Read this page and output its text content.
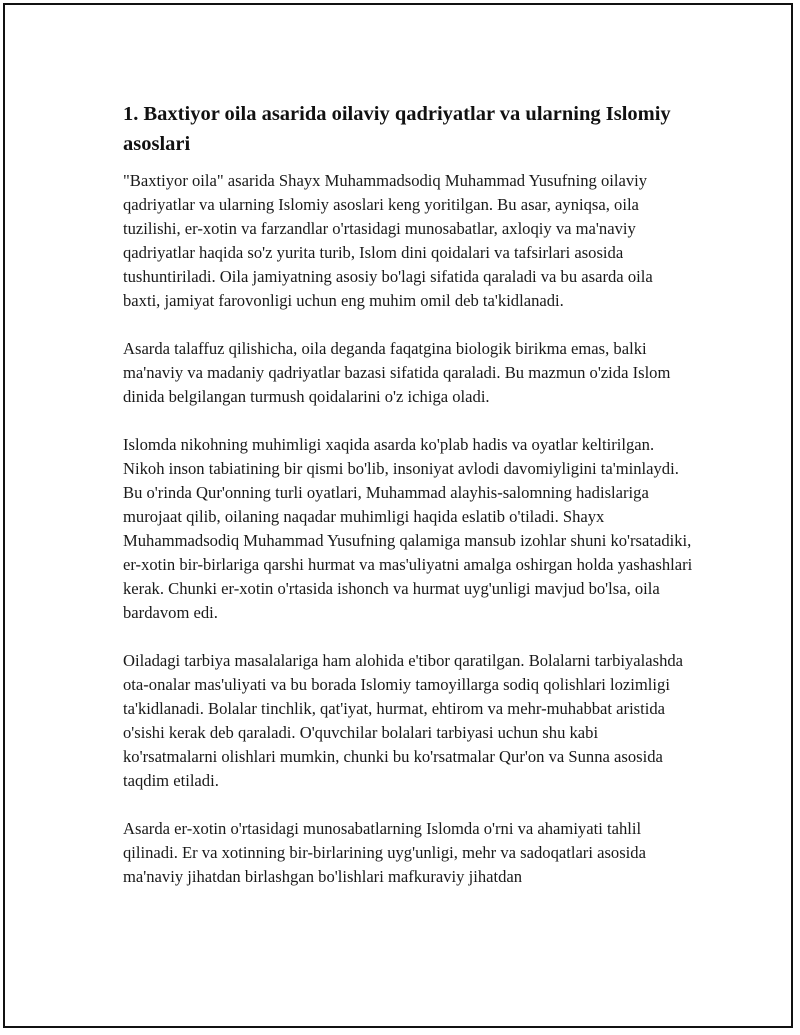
1. Baxtiyor oila asarida oilaviy qadriyatlar va ularning Islomiy asoslari

"Baxtiyor oila" asarida Shayx Muhammadsodiq Muhammad Yusufning oilaviy qadriyatlar va ularning Islomiy asoslari keng yoritilgan. Bu asar, ayniqsa, oila tuzilishi, er-xotin va farzandlar o'rtasidagi munosabatlar, axloqiy va ma'naviy qadriyatlar haqida so'z yurita turib, Islom dini qoidalari va tafsirlari asosida tushuntiriladi. Oila jamiyatning asosiy bo'lagi sifatida qaraladi va bu asarda oila baxti, jamiyat farovonligi uchun eng muhim omil deb ta'kidlanadi.

Asarda talaffuz qilishicha, oila deganda faqatgina biologik birikma emas, balki ma'naviy va madaniy qadriyatlar bazasi sifatida qaraladi. Bu mazmun o'zida Islom dinida belgilangan turmush qoidalarini o'z ichiga oladi.

Islomda nikohning muhimligi xaqida asarda ko'plab hadis va oyatlar keltirilgan. Nikoh inson tabiatining bir qismi bo'lib, insoniyat avlodi davomiyligini ta'minlaydi. Bu o'rinda Qur'onning turli oyatlari, Muhammad alayhis-salomning hadislariga murojaat qilib, oilaning naqadar muhimligi haqida eslatib o'tiladi. Shayx Muhammadsodiq Muhammad Yusufning qalamiga mansub izohlar shuni ko'rsatadiki, er-xotin bir-birlariga qarshi hurmat va mas'uliyatni amalga oshirgan holda yashashlari kerak. Chunki er-xotin o'rtasida ishonch va hurmat uyg'unligi mavjud bo'lsa, oila bardavom edi.

Oiladagi tarbiya masalalariga ham alohida e'tibor qaratilgan. Bolalarni tarbiyalashda ota-onalar mas'uliyati va bu borada Islomiy tamoyillarga sodiq qolishlari lozimligi ta'kidlanadi. Bolalar tinchlik, qat'iyat, hurmat, ehtirom va mehr-muhabbat aristida o'sishi kerak deb qaraladi. O'quvchilar bolalari tarbiyasi uchun shu kabi ko'rsatmalarni olishlari mumkin, chunki bu ko'rsatmalar Qur'on va Sunna asosida taqdim etiladi.

Asarda er-xotin o'rtasidagi munosabatlarning Islomda o'rni va ahamiyati tahlil qilinadi. Er va xotinning bir-birlarining uyg'unligi, mehr va sadoqatlari asosida ma'naviy jihatdan birlashgan bo'lishlari mafkuraviy jihatdan
